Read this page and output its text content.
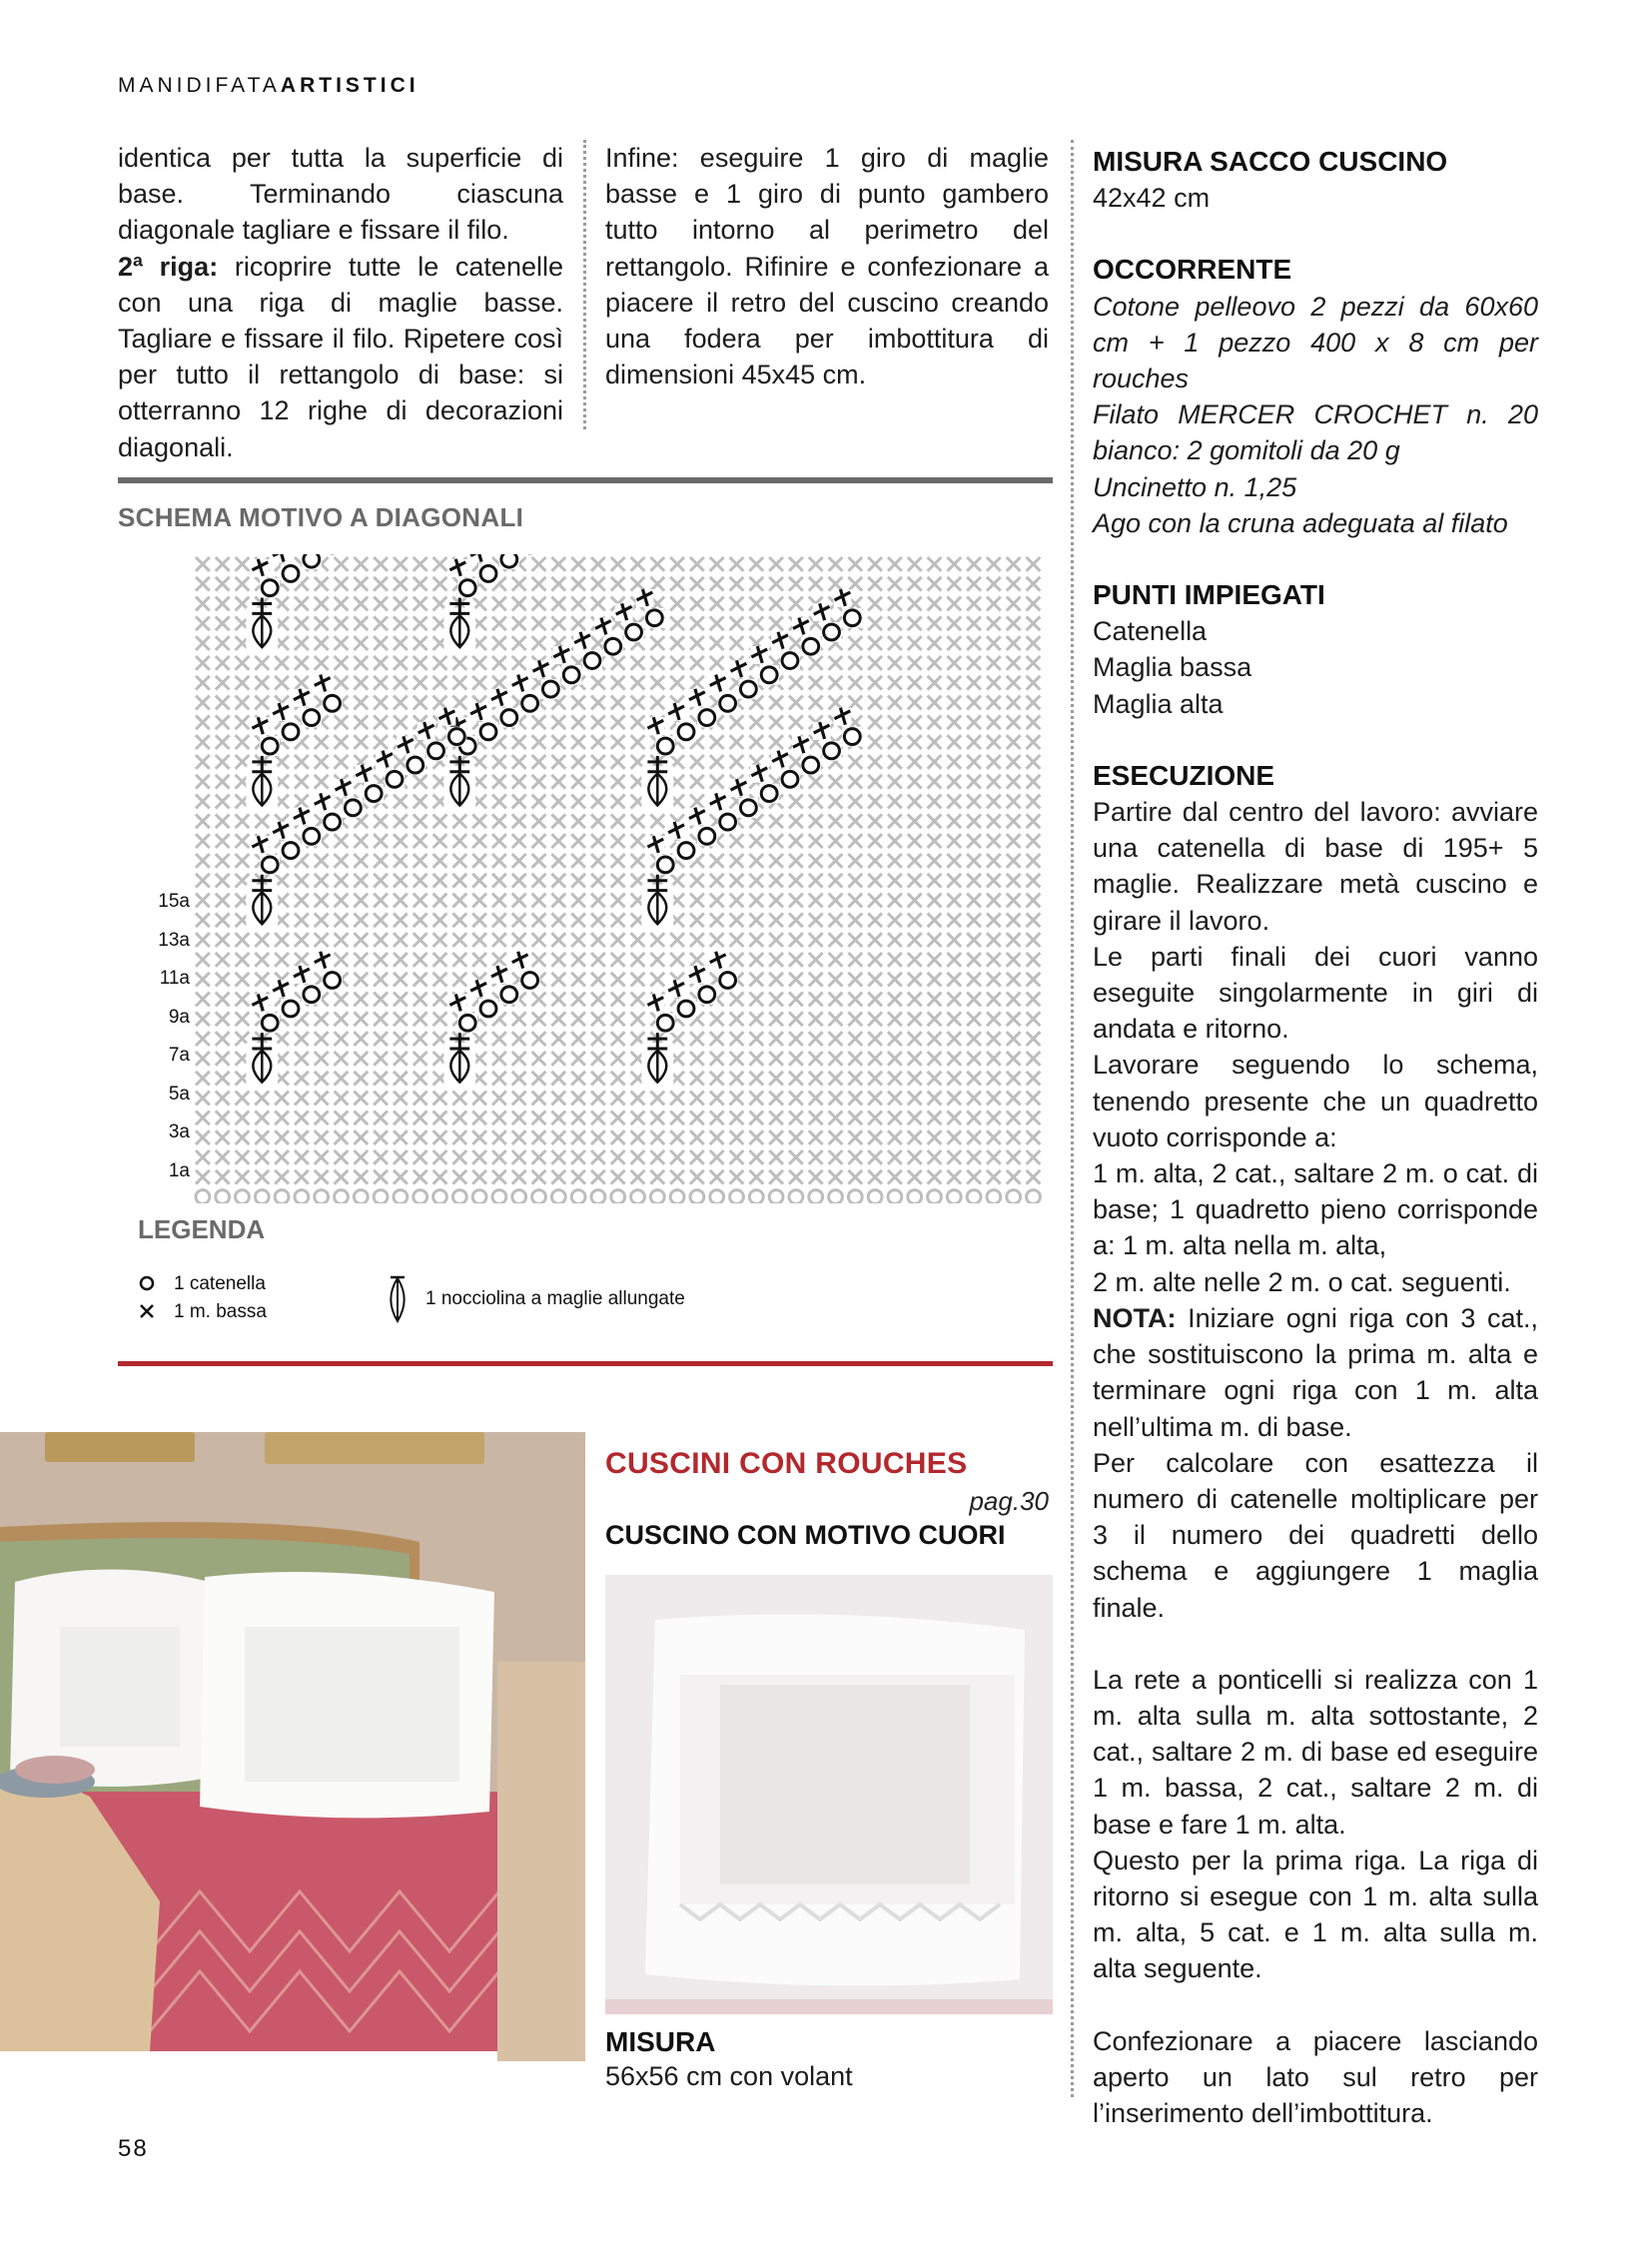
MANIDIFATAARTISTICI

identica per tutta la superficie di base. Terminando ciascuna diagonale tagliare e fissare il filo.

2ª riga: ricoprire tutte le catenelle con una riga di maglie basse. Tagliare e fissare il filo. Ripetere così per tutto il rettangolo di base: si otterranno 12 righe di decorazioni diagonali.

Infine: eseguire 1 giro di maglie basse e 1 giro di punto gambero tutto intorno al perimetro del rettangolo. Rifinire e confezionare a piacere il retro del cuscino creando una fodera per imbottitura di dimensioni 45x45 cm.

SCHEMA MOTIVO A DIAGONALI
15a
13a
11a
9a
7a
5a
3a
1a
LEGENDA
1 catenella
1 m. bassa
1 nocciolina a maglie allungate
CUSCINI CON ROUCHES
pag.30
CUSCINO CON MOTIVO CUORI
MISURA
56x56 cm con volant
MISURA SACCO CUSCINO

42x42 cm

OCCORRENTE

Cotone pelleovo 2 pezzi da 60x60 cm + 1 pezzo 400 x 8 cm per rouches

Filato MERCER CROCHET n. 20 bianco: 2 gomitoli da 20 g

Uncinetto n. 1,25

Ago con la cruna adeguata al filato

PUNTI IMPIEGATI

Catenella

Maglia bassa

Maglia alta

ESECUZIONE

Partire dal centro del lavoro: avviare una catenella di base di 195+ 5 maglie. Realizzare metà cuscino e girare il lavoro.

Le parti finali dei cuori vanno eseguite singolarmente in giri di andata e ritorno.

Lavorare seguendo lo schema, tenendo presente che un quadretto vuoto corrisponde a:

1 m. alta, 2 cat., saltare 2 m. o cat. di base; 1 quadretto pieno corrisponde a: 1 m. alta nella m. alta,

2 m. alte nelle 2 m. o cat. seguenti.

NOTA: Iniziare ogni riga con 3 cat., che sostituiscono la prima m. alta e terminare ogni riga con 1 m. alta nell’ultima m. di base.

Per calcolare con esattezza il numero di catenelle moltiplicare per 3 il numero dei quadretti dello schema e aggiungere 1 maglia finale.

La rete a ponticelli si realizza con 1 m. alta sulla m. alta sottostante, 2 cat., saltare 2 m. di base ed eseguire 1 m. bassa, 2 cat., saltare 2 m. di base e fare 1 m. alta.

Questo per la prima riga. La riga di ritorno si esegue con 1 m. alta sulla m. alta, 5 cat. e 1 m. alta sulla m. alta seguente.

Confezionare a piacere lasciando aperto un lato sul retro per l’inserimento dell’imbottitura.

58
